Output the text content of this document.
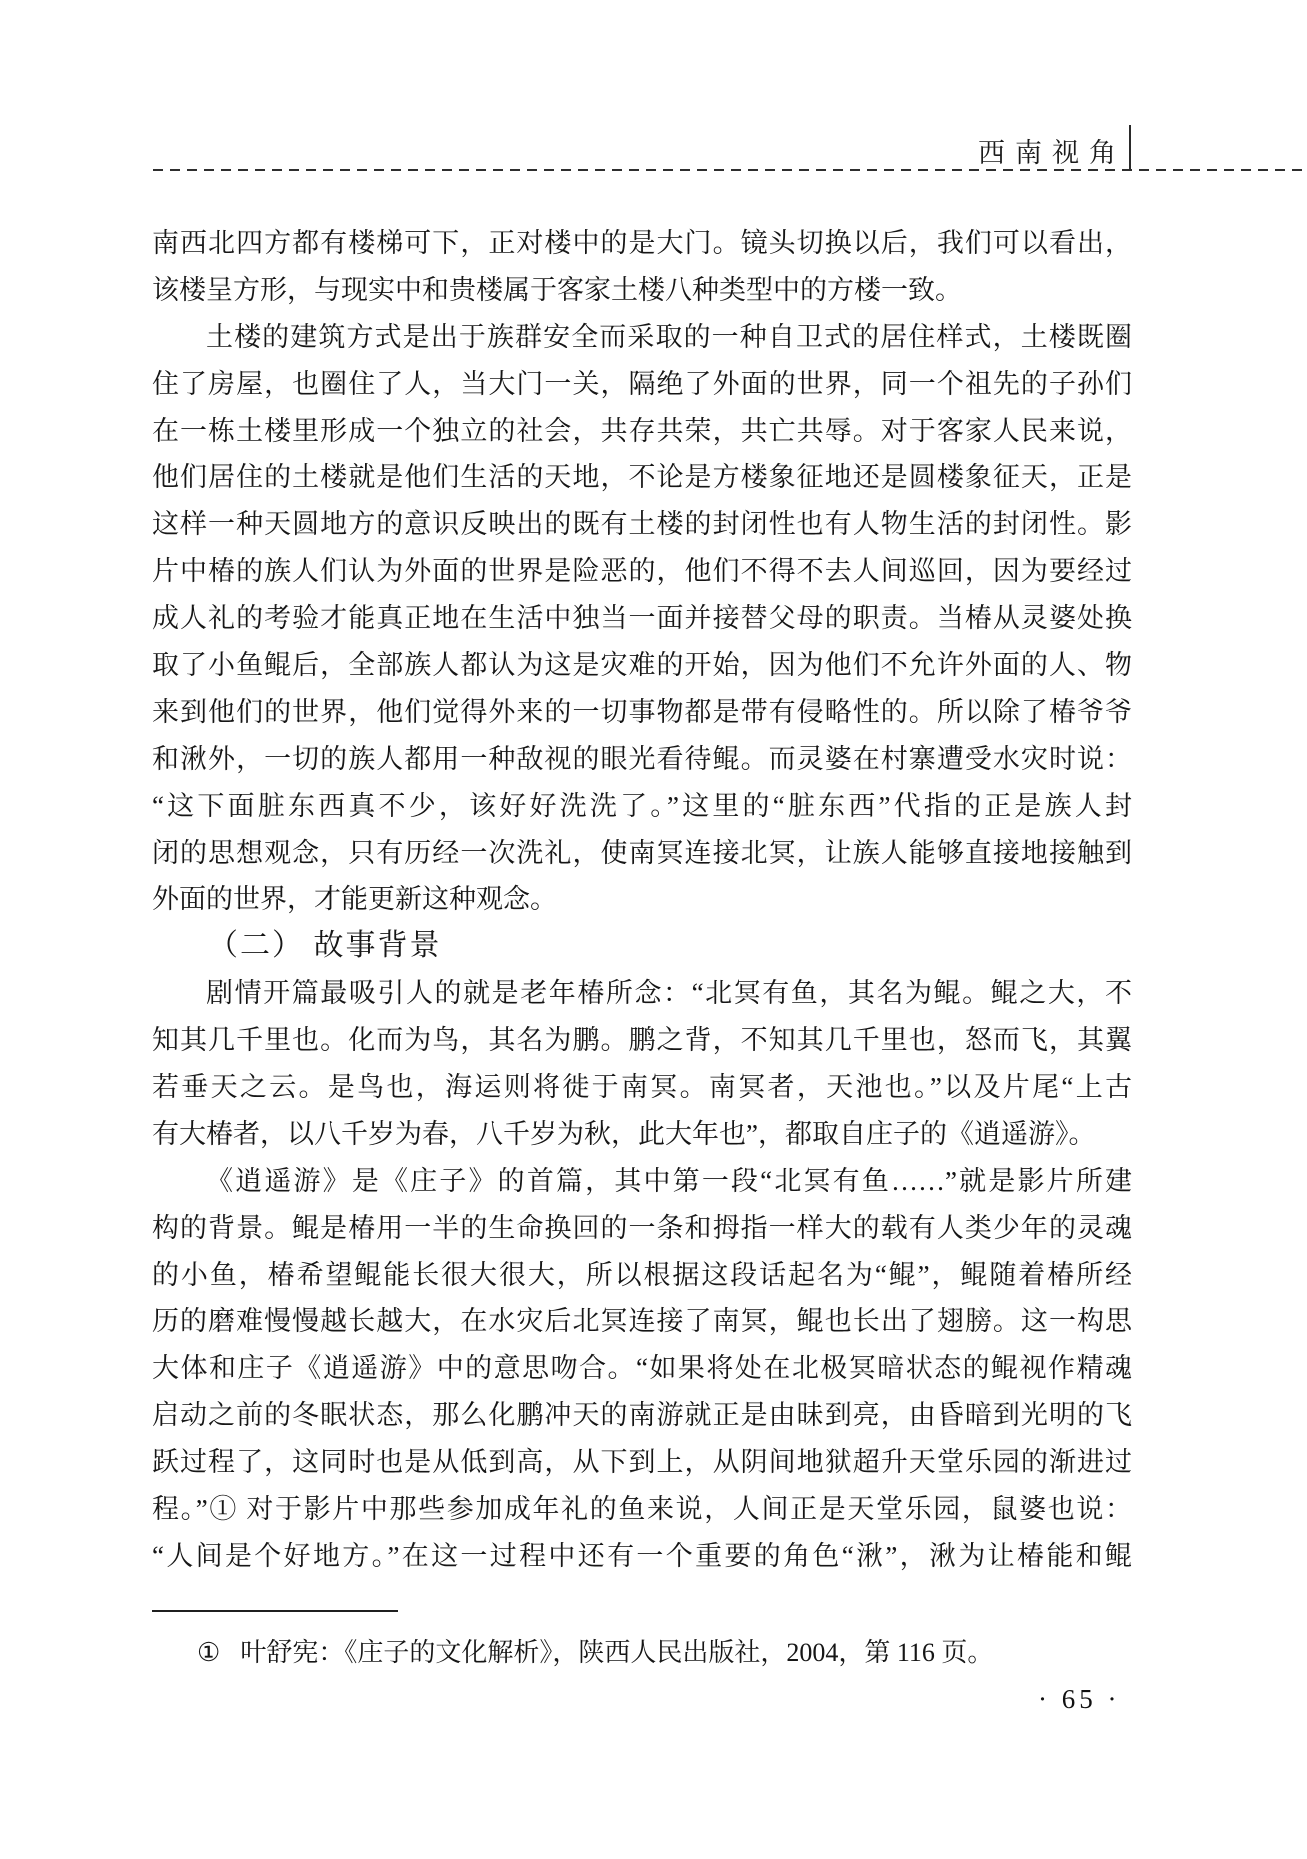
西南视角
南西北四方都有楼梯可下，正对楼中的是大门。镜头切换以后，我们可以看出，
该楼呈方形，与现实中和贵楼属于客家土楼八种类型中的方楼一致。
土楼的建筑方式是出于族群安全而采取的一种自卫式的居住样式，土楼既圈
住了房屋，也圈住了人，当大门一关，隔绝了外面的世界，同一个祖先的子孙们
在一栋土楼里形成一个独立的社会，共存共荣，共亡共辱。对于客家人民来说，
他们居住的土楼就是他们生活的天地，不论是方楼象征地还是圆楼象征天，正是
这样一种天圆地方的意识反映出的既有土楼的封闭性也有人物生活的封闭性。影
片中椿的族人们认为外面的世界是险恶的，他们不得不去人间巡回，因为要经过
成人礼的考验才能真正地在生活中独当一面并接替父母的职责。当椿从灵婆处换
取了小鱼鲲后，全部族人都认为这是灾难的开始，因为他们不允许外面的人、物
来到他们的世界，他们觉得外来的一切事物都是带有侵略性的。所以除了椿爷爷
和湫外，一切的族人都用一种敌视的眼光看待鲲。而灵婆在村寨遭受水灾时说：
“这下面脏东西真不少，该好好洗洗了。”这里的“脏东西”代指的正是族人封
闭的思想观念，只有历经一次洗礼，使南冥连接北冥，让族人能够直接地接触到
外面的世界，才能更新这种观念。
（二） 故事背景
剧情开篇最吸引人的就是老年椿所念：“北冥有鱼，其名为鲲。鲲之大，不
知其几千里也。化而为鸟，其名为鹏。鹏之背，不知其几千里也，怒而飞，其翼
若垂天之云。是鸟也，海运则将徙于南冥。南冥者，天池也。”以及片尾“上古
有大椿者，以八千岁为春，八千岁为秋，此大年也”，都取自庄子的《逍遥游》。
《逍遥游》是《庄子》的首篇，其中第一段“北冥有鱼……”就是影片所建
构的背景。鲲是椿用一半的生命换回的一条和拇指一样大的载有人类少年的灵魂
的小鱼，椿希望鲲能长很大很大，所以根据这段话起名为“鲲”，鲲随着椿所经
历的磨难慢慢越长越大，在水灾后北冥连接了南冥，鲲也长出了翅膀。这一构思
大体和庄子《逍遥游》中的意思吻合。“如果将处在北极冥暗状态的鲲视作精魂
启动之前的冬眠状态，那么化鹏冲天的南游就正是由昧到亮，由昏暗到光明的飞
跃过程了，这同时也是从低到高，从下到上，从阴间地狱超升天堂乐园的渐进过
程。”① 对于影片中那些参加成年礼的鱼来说，人间正是天堂乐园，鼠婆也说：
“人间是个好地方。”在这一过程中还有一个重要的角色“湫”，湫为让椿能和鲲
① 叶舒宪：《庄子的文化解析》，陕西人民出版社，2004，第 116 页。
· 65 ·
